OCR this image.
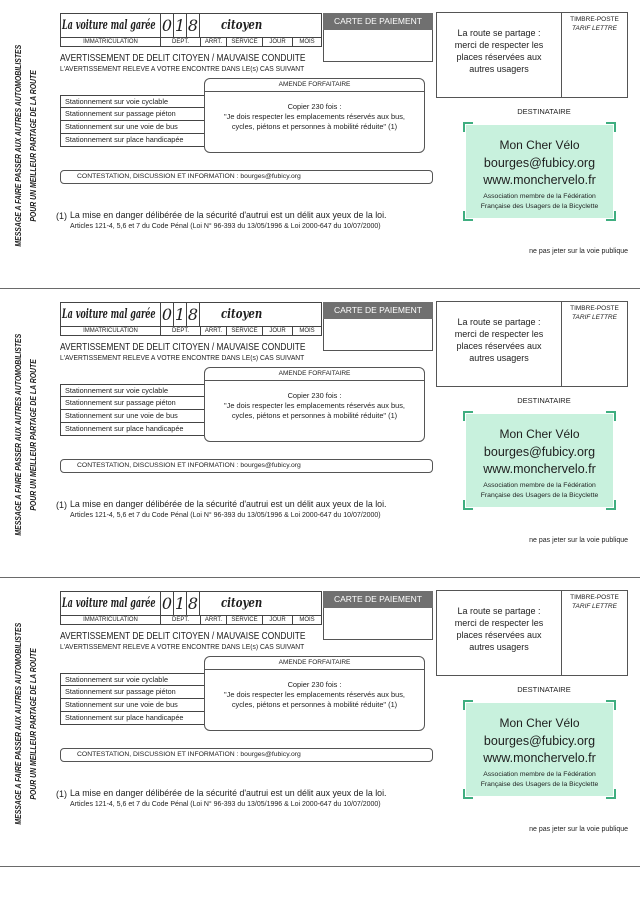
MESSAGE A FAIRE PASSER AUX AUTRES AUTOMOBILISTES POUR UN MEILLEUR PARTAGE DE LA ROUTE
La voiture mal garée 0 1 8 citoyen
IMMATRICULATION	DEPT.	ARRT.	SERVICE	JOUR	MOIS
CARTE DE PAIEMENT
AVERTISSEMENT DE DELIT CITOYEN / MAUVAISE CONDUITE
L'AVERTISSEMENT RELEVE A VOTRE ENCONTRE DANS LE(s) CAS SUIVANT
Stationnement sur voie cyclable
Stationnement sur passage piéton
Stationnement sur une voie de bus
Stationnement sur place handicapée
AMENDE FORFAITAIRE
Copier 230 fois :
"Je dois respecter les emplacements réservés aux bus,
cycles, piétons et personnes à mobilité réduite" (1)
CONTESTATION, DISCUSSION ET INFORMATION : bourges@fubicy.org
(1) La mise en danger délibérée de la sécurité d'autrui est un délit aux yeux de la loi.
Articles 121-4, 5,6 et 7 du Code Pénal (Loi N° 96-393 du 13/05/1996 & Loi 2000-647 du 10/07/2000)
La route se partage :
merci de respecter les
places réservées aux
autres usagers
TIMBRE-POSTE
TARIF LETTRE
DESTINATAIRE
Mon Cher Vélo
bourges@fubicy.org
www.monchervelo.fr
Association membre de la Fédération
Française des Usagers de la Bicyclette
ne pas jeter sur la voie publique
MESSAGE A FAIRE PASSER AUX AUTRES AUTOMOBILISTES POUR UN MEILLEUR PARTAGE DE LA ROUTE
La voiture mal garée 0 1 8 citoyen
IMMATRICULATION	DEPT.	ARRT.	SERVICE	JOUR	MOIS
CARTE DE PAIEMENT
AVERTISSEMENT DE DELIT CITOYEN / MAUVAISE CONDUITE
L'AVERTISSEMENT RELEVE A VOTRE ENCONTRE DANS LE(s) CAS SUIVANT
Stationnement sur voie cyclable
Stationnement sur passage piéton
Stationnement sur une voie de bus
Stationnement sur place handicapée
AMENDE FORFAITAIRE
Copier 230 fois :
"Je dois respecter les emplacements réservés aux bus,
cycles, piétons et personnes à mobilité réduite" (1)
CONTESTATION, DISCUSSION ET INFORMATION : bourges@fubicy.org
(1) La mise en danger délibérée de la sécurité d'autrui est un délit aux yeux de la loi.
Articles 121-4, 5,6 et 7 du Code Pénal (Loi N° 96-393 du 13/05/1996 & Loi 2000-647 du 10/07/2000)
La route se partage :
merci de respecter les
places réservées aux
autres usagers
TIMBRE-POSTE
TARIF LETTRE
DESTINATAIRE
Mon Cher Vélo
bourges@fubicy.org
www.monchervelo.fr
Association membre de la Fédération
Française des Usagers de la Bicyclette
ne pas jeter sur la voie publique
MESSAGE A FAIRE PASSER AUX AUTRES AUTOMOBILISTES POUR UN MEILLEUR PARTAGE DE LA ROUTE
La voiture mal garée 0 1 8 citoyen
IMMATRICULATION	DEPT.	ARRT.	SERVICE	JOUR	MOIS
CARTE DE PAIEMENT
AVERTISSEMENT DE DELIT CITOYEN / MAUVAISE CONDUITE
L'AVERTISSEMENT RELEVE A VOTRE ENCONTRE DANS LE(s) CAS SUIVANT
Stationnement sur voie cyclable
Stationnement sur passage piéton
Stationnement sur une voie de bus
Stationnement sur place handicapée
AMENDE FORFAITAIRE
Copier 230 fois :
"Je dois respecter les emplacements réservés aux bus,
cycles, piétons et personnes à mobilité réduite" (1)
CONTESTATION, DISCUSSION ET INFORMATION : bourges@fubicy.org
(1) La mise en danger délibérée de la sécurité d'autrui est un délit aux yeux de la loi.
Articles 121-4, 5,6 et 7 du Code Pénal (Loi N° 96-393 du 13/05/1996 & Loi 2000-647 du 10/07/2000)
La route se partage :
merci de respecter les
places réservées aux
autres usagers
TIMBRE-POSTE
TARIF LETTRE
DESTINATAIRE
Mon Cher Vélo
bourges@fubicy.org
www.monchervelo.fr
Association membre de la Fédération
Française des Usagers de la Bicyclette
ne pas jeter sur la voie publique
